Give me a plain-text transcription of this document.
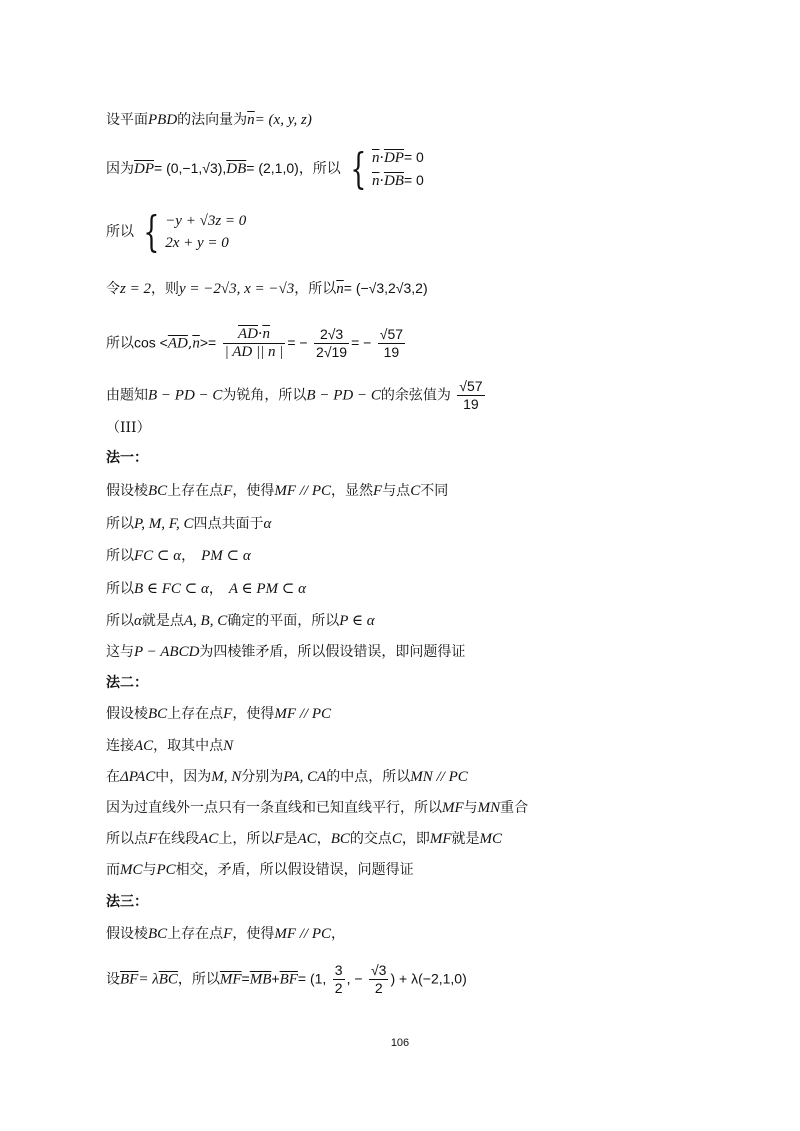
设平面PBD的法向量为$\overline{n}= (x$, y, z)
因为$\overline{DP}= (0,-1,√3),\overline{DB}= (2,1,0)$，所以 { $\overline{n}\cdot\overline{DP}= 0$
$\overline{n}\cdot\overline{DB}= 0$
所以 { −y + √3z = 0
2x + y = 0
令z = 2，则y = −2√3, x = −√3，所以$\overline{n}= (-√3,2√3,2)$
所以$\cos <\overline{AD},\overline{n}>= \frac{\overline{AD}\cdot\overline{n}}{| AD || n |}$ = − $\frac{2√3}{2√19}$ = − $\frac{√57}{19}$
由题知B − PD − C为锐角，所以B − PD − C的余弦值为 $\frac{√57}{19}$
（III）
法一：
假设棱BC上存在点F，使得MF // PC，显然F与点C不同
所以P, M, F, C四点共面于α
所以FC ⊂ α， PM ⊂ α
所以B ∈ FC ⊂ α， A ∈ PM ⊂ α
所以α就是点A, B, C确定的平面，所以P ∈ α
这与P − ABCD为四棱锥矛盾，所以假设错误，即问题得证
法二：
假设棱BC上存在点F，使得MF // PC
连接AC，取其中点N
在ΔPAC中，因为M, N分别为PA, CA的中点，所以MN // PC
因为过直线外一点只有一条直线和已知直线平行，所以MF与MN重合
所以点F在线段AC上，所以F是AC，BC的交点C，即MF就是MC
而MC与PC相交，矛盾，所以假设错误，问题得证
法三：
假设棱BC上存在点F，使得MF // PC，
设$\overline{BF}= \lambda\overline{BC}$，所以$\overline{MF}=\overline{MB}+\overline{BF}= (1$, $\frac{3}{2}$ , − $\frac{√3}{2}$ ) + λ(−2,1,0)
106
